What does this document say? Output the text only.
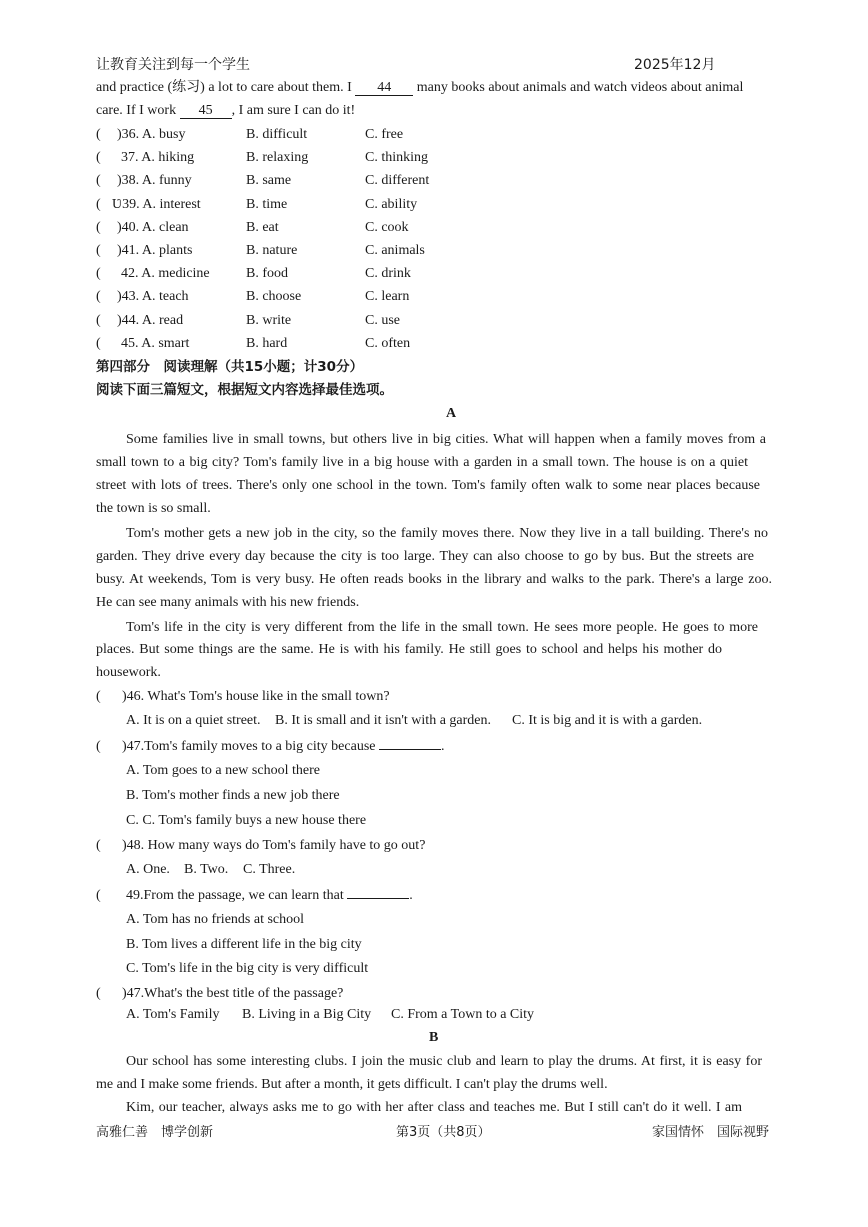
让教育关注到每一个学生	2025年12月
and practice (练习) a lot to care about them. I 44 many books about animals and watch videos about animal
care. If I work 45 , I am sure I can do it!
( )36. A. busy	B. difficult	C. free
( 37. A. hiking	B. relaxing	C. thinking
( )38. A. funny	B. same	C. different
( Ʋ39. A. interest	B. time	C. ability
( )40. A. clean	B. eat	C. cook
( )41. A. plants	B. nature	C. animals
( 42. A. medicine	B. food	C. drink
( )43. A. teach	B. choose	C. learn
( )44. A. read	B. write	C. use
( 45. A. smart	B. hard	C. often
第四部分　阅读理解（共15小题；计30分）
阅读下面三篇短文，根据短文内容选择最佳选项。
A
Some families live in small towns, but others live in big cities. What will happen when a family moves from a
small town to a big city? Tom's family live in a big house with a garden in a small town. The house is on a quiet
street with lots of trees. There's only one school in the town. Tom's family often walk to some near places because
the town is so small.
Tom's mother gets a new job in the city, so the family moves there. Now they live in a tall building. There's no
garden. They drive every day because the city is too large. They can also choose to go by bus. But the streets are
busy. At weekends, Tom is very busy. He often reads books in the library and walks to the park. There's a large zoo.
He can see many animals with his new friends.
Tom's life in the city is very different from the life in the small town. He sees more people. He goes to more
places. But some things are the same. He is with his family. He still goes to school and helps his mother do
housework.
( )46. What's Tom's house like in the small town?
A. It is on a quiet street. B. It is small and it isn't with a garden. C. It is big and it is with a garden.
( )47.Tom's family moves to a big city because	.
A. Tom goes to a new school there
B. Tom's mother finds a new job there
C. C. Tom's family buys a new house there
( )48. How many ways do Tom's family have to go out?
A. One. B. Two. C. Three.
( 49.From the passage, we can learn that	.
A. Tom has no friends at school
B. Tom lives a different life in the big city
C. Tom's life in the big city is very difficult
( )47.What's the best title of the passage?
A. Tom's Family B. Living in a Big City C. From a Town to a City
B
Our school has some interesting clubs. I join the music club and learn to play the drums. At first, it is easy for
me and I make some friends. But after a month, it gets difficult. I can't play the drums well.
Kim, our teacher, always asks me to go with her after class and teaches me. But I still can't do it well. I am
高雅仁善　博学创新	第3页（共8页）	家国情怀　国际视野
